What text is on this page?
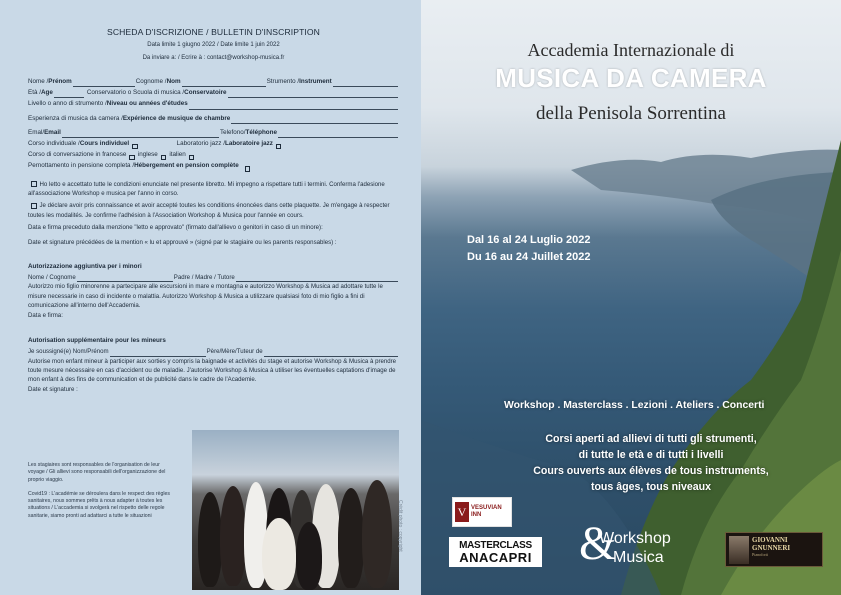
SCHEDA D'ISCRIZIONE / BULLETIN D'INSCRIPTION
Data limite 1 giugno 2022 / Date limite 1 juin 2022
Da inviare a: / Ecrire à : contact@workshop-musica.fr
Nome / Prénom	Cognome / Nom	Strumento / Instrument
Età / Age	Conservatorio o Scuola di musica / Conservatoire
Livello o anno di strumento / Niveau ou années d'études
Esperienza di musica da camera / Expérience de musique de chambre
Emal/ Email	Telefono/ Téléphone
Corso individuale / Cours individuel	Laboratorio jazz / Laboratoire jazz
Corso di conversazione in francese inglese italien
Pernottamento in pensione completa / Hébergement en pension complète
Ho letto e accettato tutte le condizioni enunciate nel presente libretto. Mi impegno a rispettare tutti i termini. Conferma l'adesione all'associazione Workshop e musica per l'anno in corso.
Je déclare avoir pris connaissance et avoir accepté toutes les conditions énoncées dans cette plaquette. Je m'engage à respecter toutes les modalités. Je confirme l'adhésion à l'Association Workshop & Musica pour l'année en cours.
Data e firma preceduto dalla menzione "letto e approvato" (firmato dall'allievo o genitori in caso di un minore):
Date et signature précédées de la mention « lu et approuvé » (signé par le stagiaire ou les parents responsables) :
Autorizzazione aggiuntiva per i minori
Nome / Cognome	Padre / Madre / Tutore
Autorizzo mio figlio minorenne a partecipare alle escursioni in mare e montagna e autorizzo Workshop & Musica ad adottare tutte le misure necessarie in caso di incidente o malattia. Autorizzo Workshop & Musica a utilizzare qualsiasi foto di mio figlio a fini di comunicazione all'interno dell'Accademia.
Data e firma:
Autorisation supplémentaire pour les mineurs
Je soussigné(e) Nom/Prénom	Père/Mère/Tuteur de
Autorise mon enfant mineur à participer aux sorties y compris la baignade et activités du stage et autorise Workshop & Musica à prendre toute mesure nécessaire en cas d'accident ou de maladie. J'autorise Workshop & Musica à utiliser les éventuelles captations d'image de mon enfant à des fins de communication et de publicité dans le cadre de l'Academie.
Date et signature :
Les stagiaires sont responsables de l'organisation de leur voyage / Gli allievi sono responsabili dell'organizzazione del proprio viaggio.
Covid19 : L'académie se déroulera dans le respect des règles sanitaires, nous sommes prêts à nous adapter à toutes les situations / L'accademia si svolgerà nel rispetto delle regole sanitarie, siamo pronti ad adattarci a tutte le situazioni	Crédit photo : copyright
Accademia Internazionale di
MUSICA DA CAMERA
della Penisola Sorrentina
Dal 16 al 24 Luglio 2022
Du 16 au 24 Juillet 2022
Workshop . Masterclass . Lezioni . Ateliers . Concerti
Corsi aperti ad allievi di tutti gli strumenti,
di tutte le età e di tutti i livelli
Cours ouverts aux élèves de tous instruments,
tous âges, tous niveaux
V VESUVIAN
INN
MASTERCLASS
ANACAPRI &
Workshop
Musica
GIOVANNI
GNUNNERI
Pianoforti
